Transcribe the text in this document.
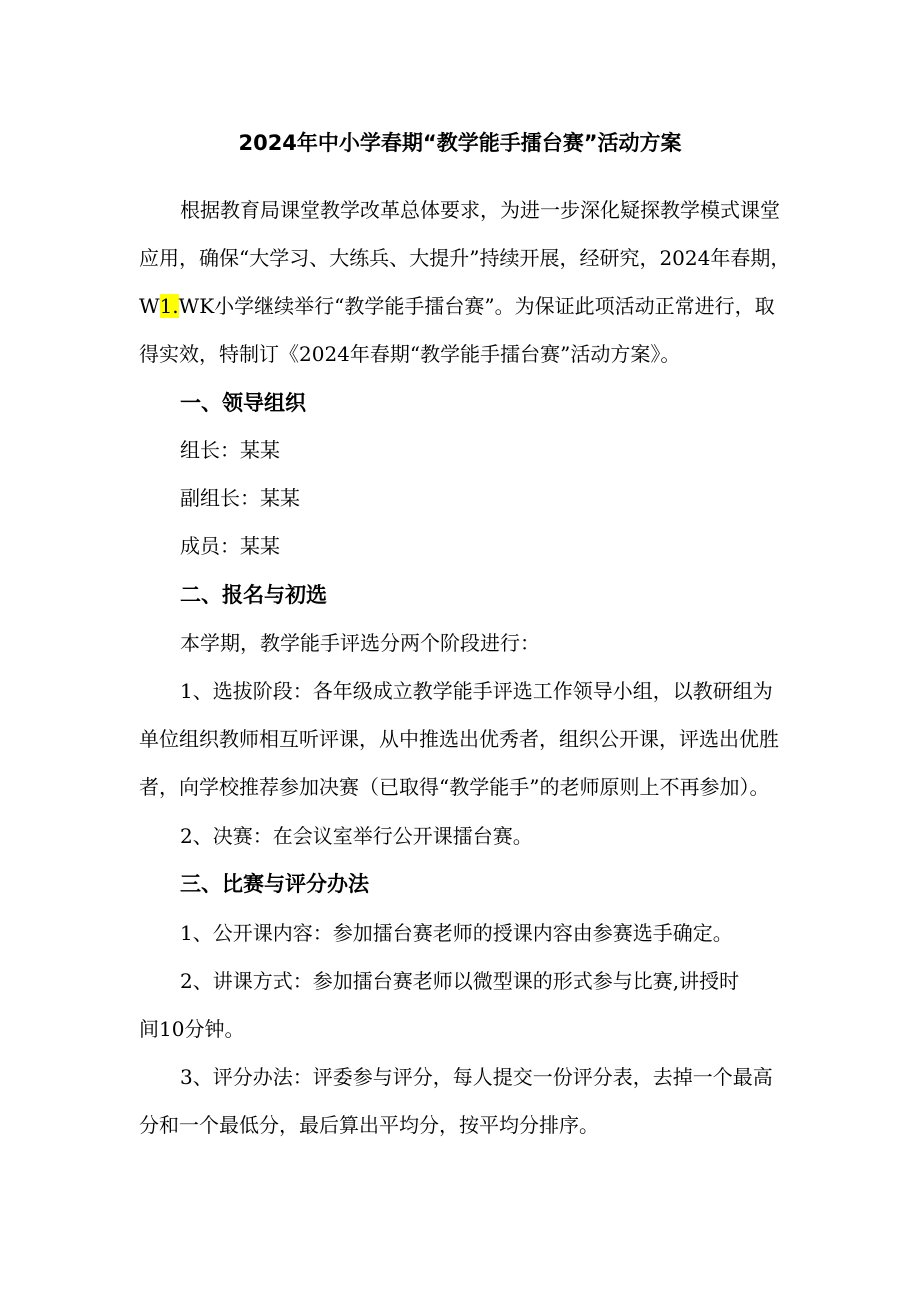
2024年中小学春期“教学能手擂台赛”活动方案

根据教育局课堂教学改革总体要求，为进一步深化疑探教学模式课堂

应用，确保“大学习、大练兵、大提升”持续开展，经研究，2024年春期，

W1.WK小学继续举行“教学能手擂台赛”。为保证此项活动正常进行，取

得实效，特制订《2024年春期“教学能手擂台赛”活动方案》。

一、领导组织

组长：某某

副组长：某某

成员：某某

二、报名与初选

本学期，教学能手评选分两个阶段进行：

1、选拔阶段：各年级成立教学能手评选工作领导小组，以教研组为

单位组织教师相互听评课，从中推选出优秀者，组织公开课，评选出优胜

者，向学校推荐参加决赛（已取得“教学能手”的老师原则上不再参加）。

2、决赛：在会议室举行公开课擂台赛。

三、比赛与评分办法

1、公开课内容：参加擂台赛老师的授课内容由参赛选手确定。

2、讲课方式：参加擂台赛老师以微型课的形式参与比赛,讲授时

间10分钟。

3、评分办法：评委参与评分，每人提交一份评分表，去掉一个最高

分和一个最低分，最后算出平均分，按平均分排序。
